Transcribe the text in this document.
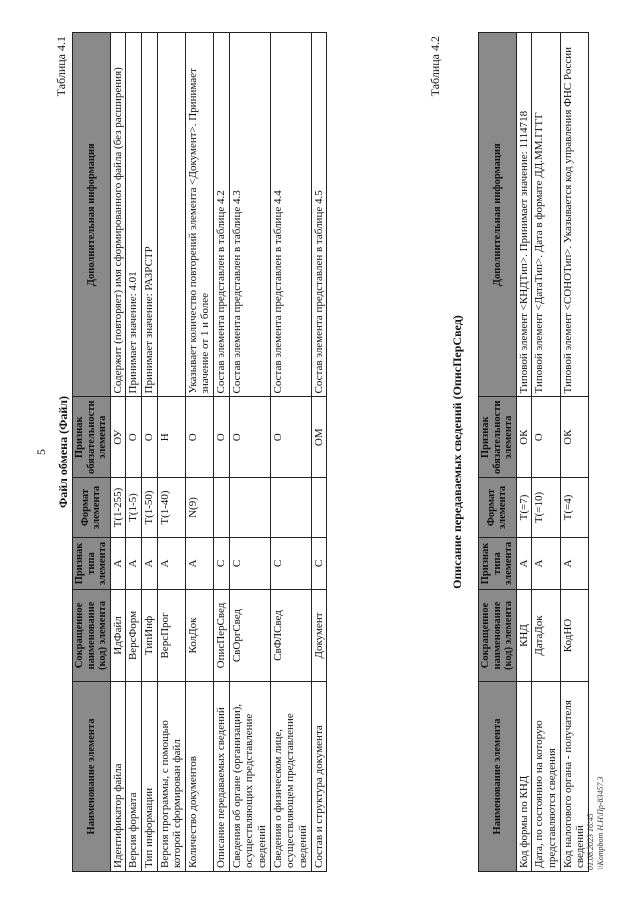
5
Таблица 4.1
Наименование элемента	Сокращенное наименование (код) элемента	Признак типа элемента	Формат элемента	Признак обязательности элемента	Дополнительная информация
Идентификатор файла	ИдФайл	А	T(1-255)	ОУ	Содержит (повторяет) имя сформированного файла (без расширения)
Версия формата	ВерсФорм	А	T(1-5)	О	Принимает значение: 4.01
Тип информации	ТипИнф	А	T(1-50)	О	Принимает значение: РАЗРСТР
Версия программы, с помощью которой сформирован файл	ВерсПрог	А	T(1-40)	Н	
Количество документов	КолДок	А	N(9)	О	Указывает количество повторений элемента <Документ>. Принимает значение от 1 и более
Описание передаваемых сведений	ОписПерСвед	С		О	Состав элемента представлен в таблице 4.2
Сведения об органе (организации), осуществляющих представление сведений	СвОргСвед	С		О	Состав элемента представлен в таблице 4.3
Сведения о физическом лице, осуществляющем представление сведений	СвФЛСвед	С		О	Состав элемента представлен в таблице 4.4
Состав и структура документа	Документ	С		ОМ	Состав элемента представлен в таблице 4.5
Файл обмена (Файл)
Таблица 4.2
Описание передаваемых сведений (ОписПерСвед)
Наименование элемента	Сокращенное наименование (код) элемента	Признак типа элемента	Формат элемента	Признак обязательности элемента	Дополнительная информация
Код формы по КНД	КНД	А	T(=7)	ОК	Типовой элемент <КНДТип>. Принимает значение: 1114718
Дата, по состоянию на которую представляются сведения	ДатаДок	А	T(=10)	О	Типовой элемент <ДатаТип>. Дата в формате ДД.ММ.ГГГГ
Код налогового органа - получателя сведений	КодНО	А	T(=4)	ОК	Типовой элемент <СОНОТип>. Указывается код управления ФНС России
01.08.2023 16:45 \\Kompbom H.H\Пр-83457.3
